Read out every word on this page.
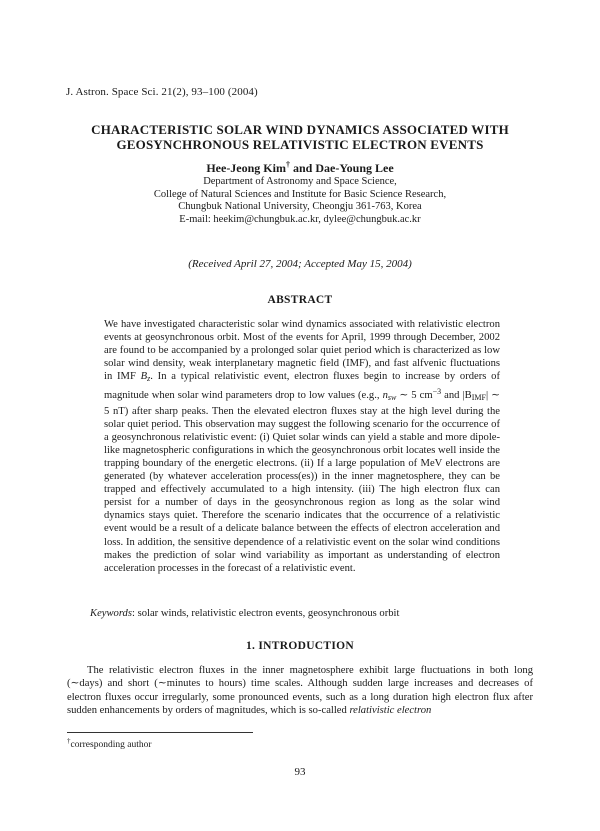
J. Astron. Space Sci. 21(2), 93–100 (2004)
CHARACTERISTIC SOLAR WIND DYNAMICS ASSOCIATED WITH
GEOSYNCHRONOUS RELATIVISTIC ELECTRON EVENTS
Hee-Jeong Kim† and Dae-Young Lee
Department of Astronomy and Space Science,
College of Natural Sciences and Institute for Basic Science Research,
Chungbuk National University, Cheongju 361-763, Korea
E-mail: heekim@chungbuk.ac.kr, dylee@chungbuk.ac.kr
(Received April 27, 2004; Accepted May 15, 2004)
ABSTRACT
We have investigated characteristic solar wind dynamics associated with relativistic electron events at geosynchronous orbit. Most of the events for April, 1999 through December, 2002 are found to be accompanied by a prolonged solar quiet period which is characterized as low solar wind density, weak interplanetary magnetic field (IMF), and fast alfvenic fluctuations in IMF $B_z$. In a typical relativistic event, electron fluxes begin to increase by orders of magnitude when solar wind parameters drop to low values (e.g., $n_{sw}$ ∼ 5 $cm^{-3}$ and $|B_{IMF}|$ ∼ 5 nT) after sharp peaks. Then the elevated electron fluxes stay at the high level during the solar quiet period. This observation may suggest the following scenario for the occurrence of a geosynchronous relativistic event: (i) Quiet solar winds can yield a stable and more dipole-like magnetospheric configurations in which the geosynchronous orbit locates well inside the trapping boundary of the energetic electrons. (ii) If a large population of MeV electrons are generated (by whatever acceleration process(es)) in the inner magnetosphere, they can be trapped and effectively accumulated to a high intensity. (iii) The high electron flux can persist for a number of days in the geosynchronous region as long as the solar wind dynamics stays quiet. Therefore the scenario indicates that the occurrence of a relativistic event would be a result of a delicate balance between the effects of electron acceleration and loss. In addition, the sensitive dependence of a relativistic event on the solar wind conditions makes the prediction of solar wind variability as important as understanding of electron acceleration processes in the forecast of a relativistic event.
Keywords: solar winds, relativistic electron events, geosynchronous orbit
1. INTRODUCTION
The relativistic electron fluxes in the inner magnetosphere exhibit large fluctuations in both long (∼days) and short (∼minutes to hours) time scales. Although sudden large increases and decreases of electron fluxes occur irregularly, some pronounced events, such as a long duration high electron flux after sudden enhancements by orders of magnitudes, which is so-called relativistic electron
†corresponding author
93
